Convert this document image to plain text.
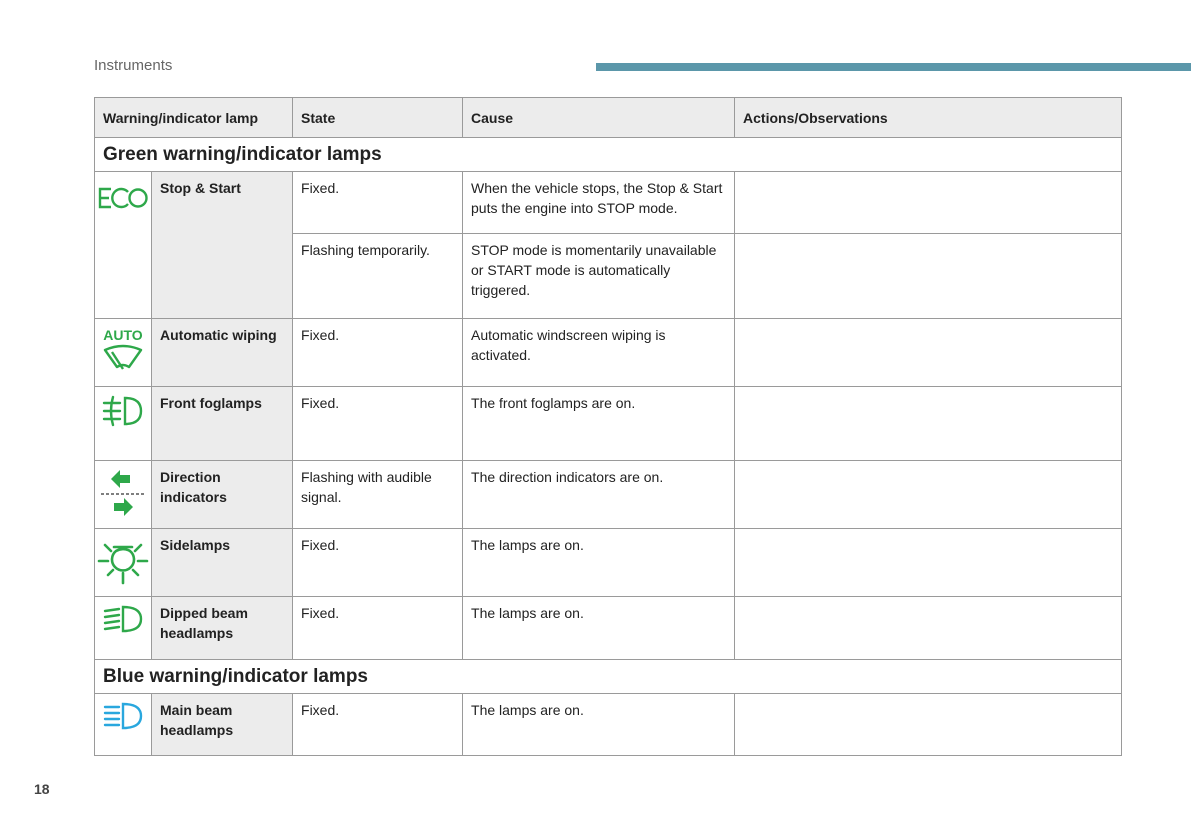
Instruments
Warning/indicator lamp		State	Cause	Actions/Observations
Green warning/indicator lamps				
	Stop & Start	Fixed.	When the vehicle stops, the Stop & Start puts the engine into STOP mode.	
		Flashing temporarily.	STOP mode is momentarily unavailable or START mode is automatically triggered.	

AUTO	Automatic wiping	Fixed.	Automatic windscreen wiping is activated.	
	Front foglamps	Fixed.	The front foglamps are on.	
	Direction indicators	Flashing with audible signal.	The direction indicators are on.	
	Sidelamps	Fixed.	The lamps are on.	
	Dipped beam headlamps	Fixed.	The lamps are on.	
Blue warning/indicator lamps				
	Main beam headlamps	Fixed.	The lamps are on.	
18
